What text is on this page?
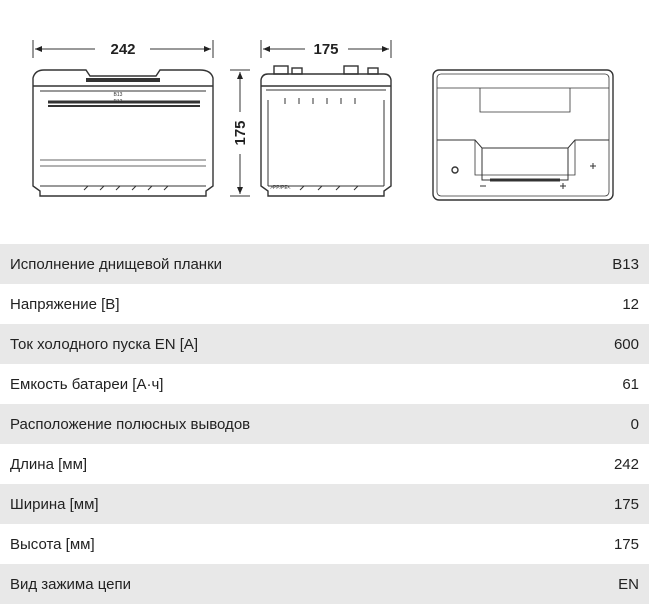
242
B13
B13
175
175
>PP/PE<
Исполнение днищевой планки	B13
Напряжение [В]	12
Ток холодного пуска EN [A]	600
Емкость батареи [А·ч]	61
Расположение полюсных выводов	0
Длина [мм]	242
Ширина [мм]	175
Высота [мм]	175
Вид зажима цепи	EN
